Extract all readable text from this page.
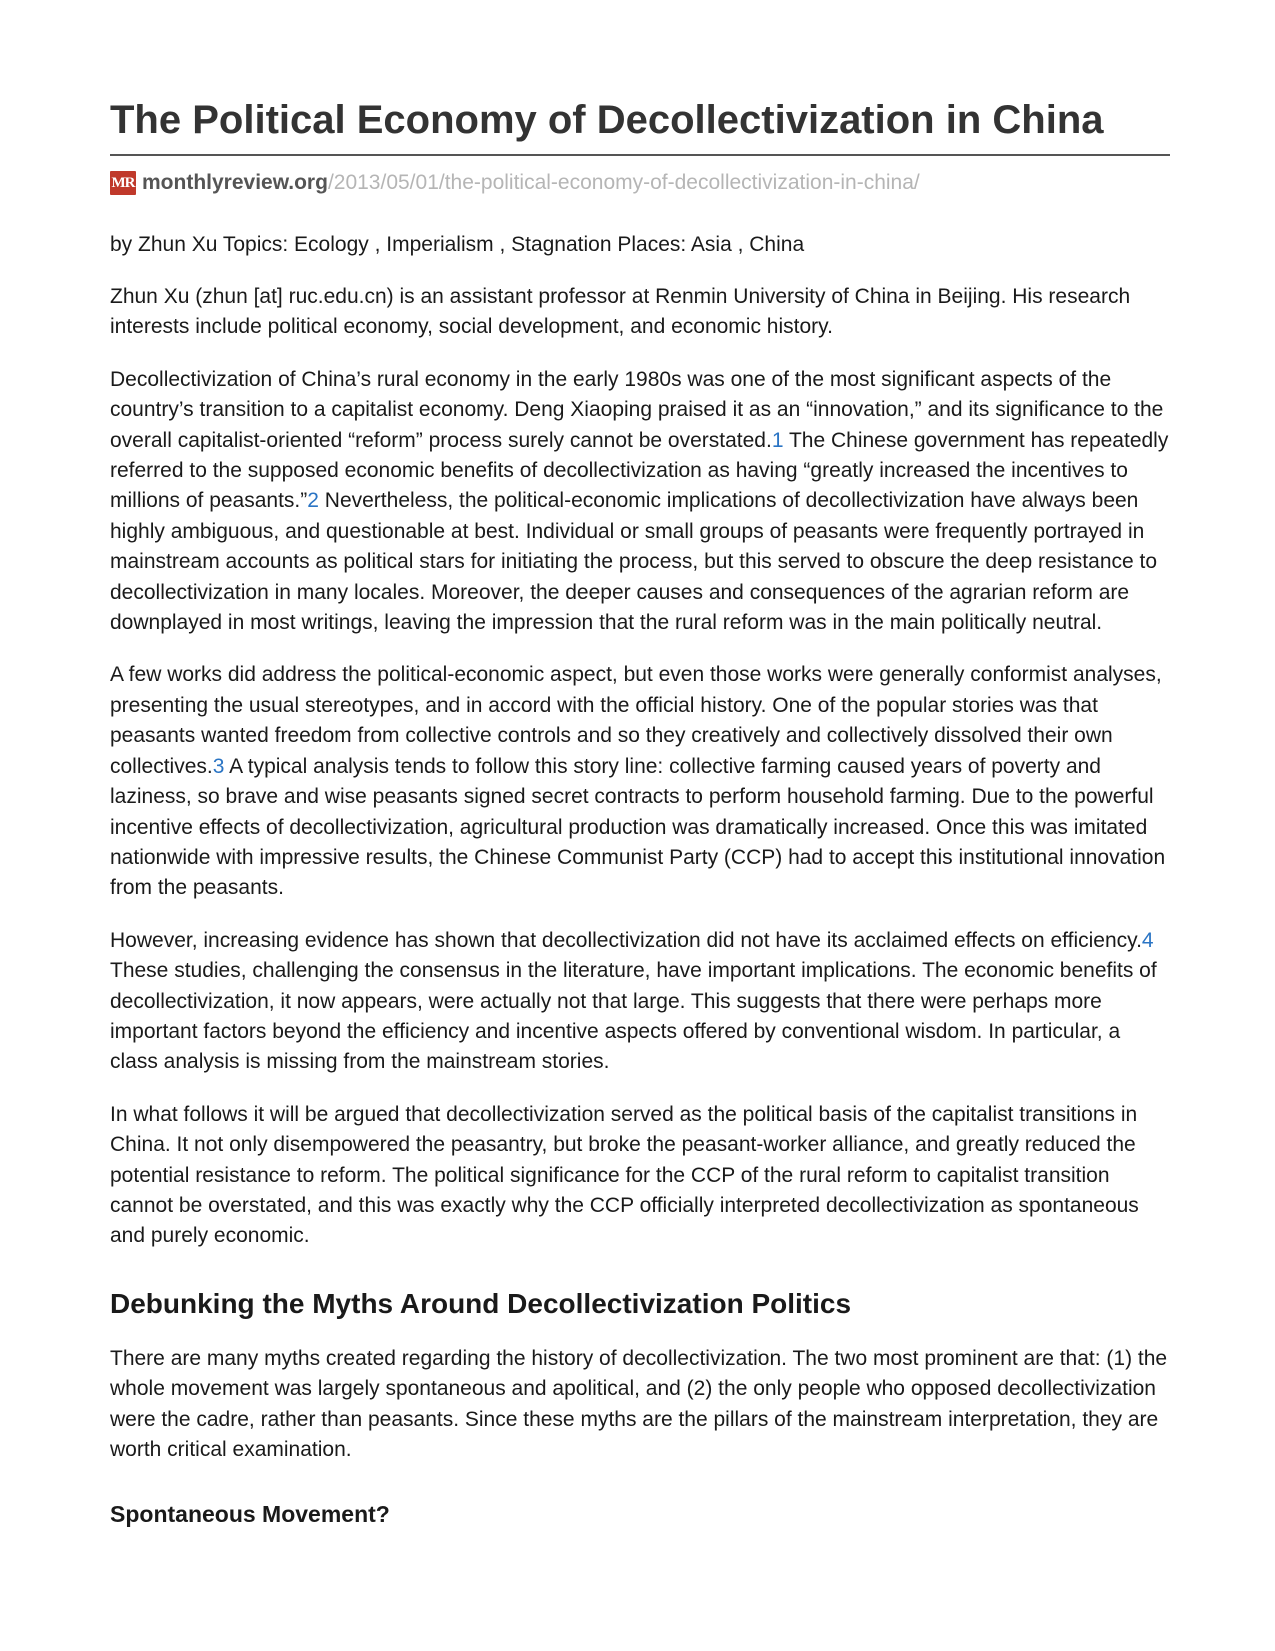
The Political Economy of Decollectivization in China
MR monthlyreview.org /2013/05/01/the-political-economy-of-decollectivization-in-china/

by Zhun Xu Topics: Ecology , Imperialism , Stagnation Places: Asia , China

Zhun Xu (zhun [at] ruc.edu.cn) is an assistant professor at Renmin University of China in Beijing. His research interests include political economy, social development, and economic history.

Decollectivization of China’s rural economy in the early 1980s was one of the most significant aspects of the country’s transition to a capitalist economy. Deng Xiaoping praised it as an “innovation,” and its significance to the overall capitalist-oriented “reform” process surely cannot be overstated.1 The Chinese government has repeatedly referred to the supposed economic benefits of decollectivization as having “greatly increased the incentives to millions of peasants.”2 Nevertheless, the political-economic implications of decollectivization have always been highly ambiguous, and questionable at best. Individual or small groups of peasants were frequently portrayed in mainstream accounts as political stars for initiating the process, but this served to obscure the deep resistance to decollectivization in many locales. Moreover, the deeper causes and consequences of the agrarian reform are downplayed in most writings, leaving the impression that the rural reform was in the main politically neutral.

A few works did address the political-economic aspect, but even those works were generally conformist analyses, presenting the usual stereotypes, and in accord with the official history. One of the popular stories was that peasants wanted freedom from collective controls and so they creatively and collectively dissolved their own collectives.3 A typical analysis tends to follow this story line: collective farming caused years of poverty and laziness, so brave and wise peasants signed secret contracts to perform household farming. Due to the powerful incentive effects of decollectivization, agricultural production was dramatically increased. Once this was imitated nationwide with impressive results, the Chinese Communist Party (CCP) had to accept this institutional innovation from the peasants.

However, increasing evidence has shown that decollectivization did not have its acclaimed effects on efficiency.4 These studies, challenging the consensus in the literature, have important implications. The economic benefits of decollectivization, it now appears, were actually not that large. This suggests that there were perhaps more important factors beyond the efficiency and incentive aspects offered by conventional wisdom. In particular, a class analysis is missing from the mainstream stories.

In what follows it will be argued that decollectivization served as the political basis of the capitalist transitions in China. It not only disempowered the peasantry, but broke the peasant-worker alliance, and greatly reduced the potential resistance to reform. The political significance for the CCP of the rural reform to capitalist transition cannot be overstated, and this was exactly why the CCP officially interpreted decollectivization as spontaneous and purely economic.

Debunking the Myths Around Decollectivization Politics

There are many myths created regarding the history of decollectivization. The two most prominent are that: (1) the whole movement was largely spontaneous and apolitical, and (2) the only people who opposed decollectivization were the cadre, rather than peasants. Since these myths are the pillars of the mainstream interpretation, they are worth critical examination.

Spontaneous Movement?
